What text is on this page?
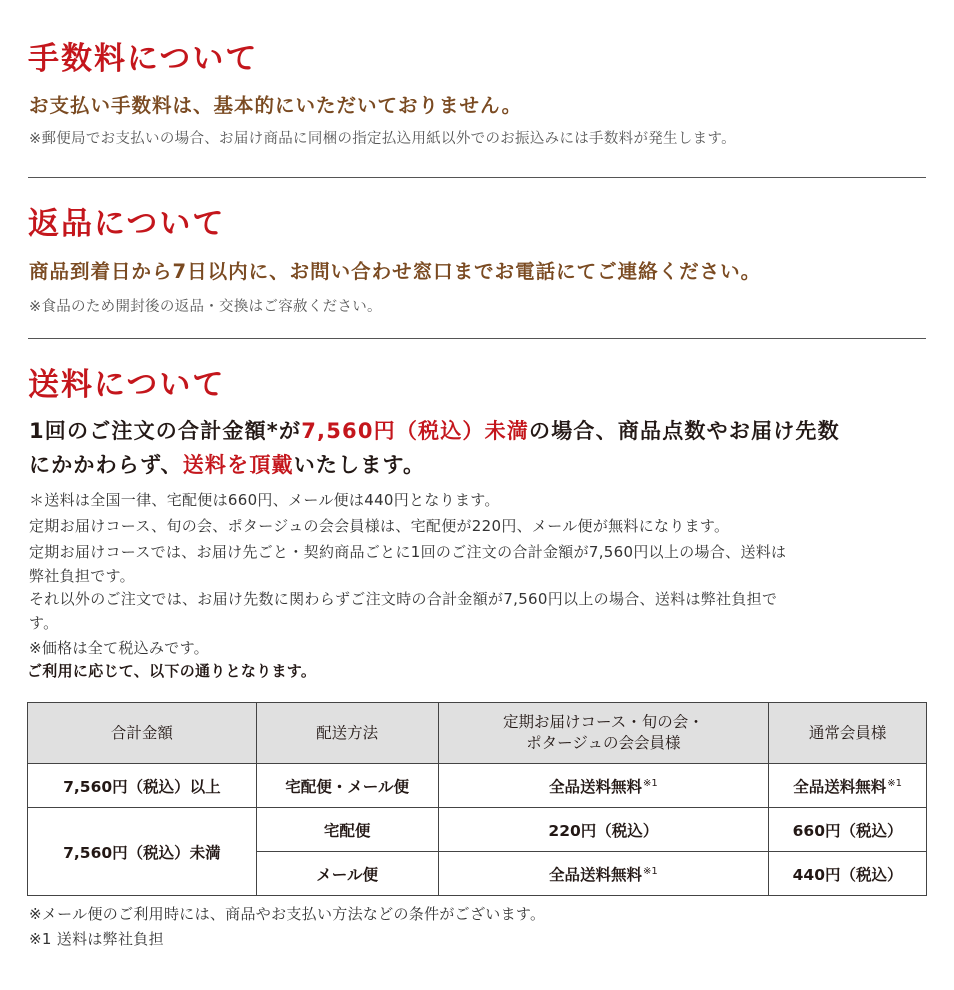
手数料について
お支払い手数料は、基本的にいただいておりません。
※郵便局でお支払いの場合、お届け商品に同梱の指定払込用紙以外でのお振込みには手数料が発生します。
返品について
商品到着日から7日以内に、お問い合わせ窓口までお電話にてご連絡ください。
※食品のため開封後の返品・交換はご容赦ください。
送料について
1回のご注文の合計金額*が7,560円（税込）未満の場合、商品点数やお届け先数
にかかわらず、送料を頂戴いたします。
＊送料は全国一律、宅配便は660円、メール便は440円となります。
定期お届けコース、旬の会、ポタージュの会会員様は、宅配便が220円、メール便が無料になります。
定期お届けコースでは、お届け先ごと・契約商品ごとに1回のご注文の合計金額が7,560円以上の場合、送料は
弊社負担です。
それ以外のご注文では、お届け先数に関わらずご注文時の合計金額が7,560円以上の場合、送料は弊社負担で
す。
※価格は全て税込みです。
ご利用に応じて、以下の通りとなります。
合計金額	配送方法	定期お届けコース・旬の会・
ポタージュの会会員様	通常会員様
7,560円（税込）以上	宅配便・メール便	全品送料無料$^{※1}$	全品送料無料$^{※1}$
7,560円（税込）未満	宅配便	220円（税込）	660円（税込）
	メール便	全品送料無料$^{※1}$	440円（税込）
※メール便のご利用時には、商品やお支払い方法などの条件がございます。
※1 送料は弊社負担
